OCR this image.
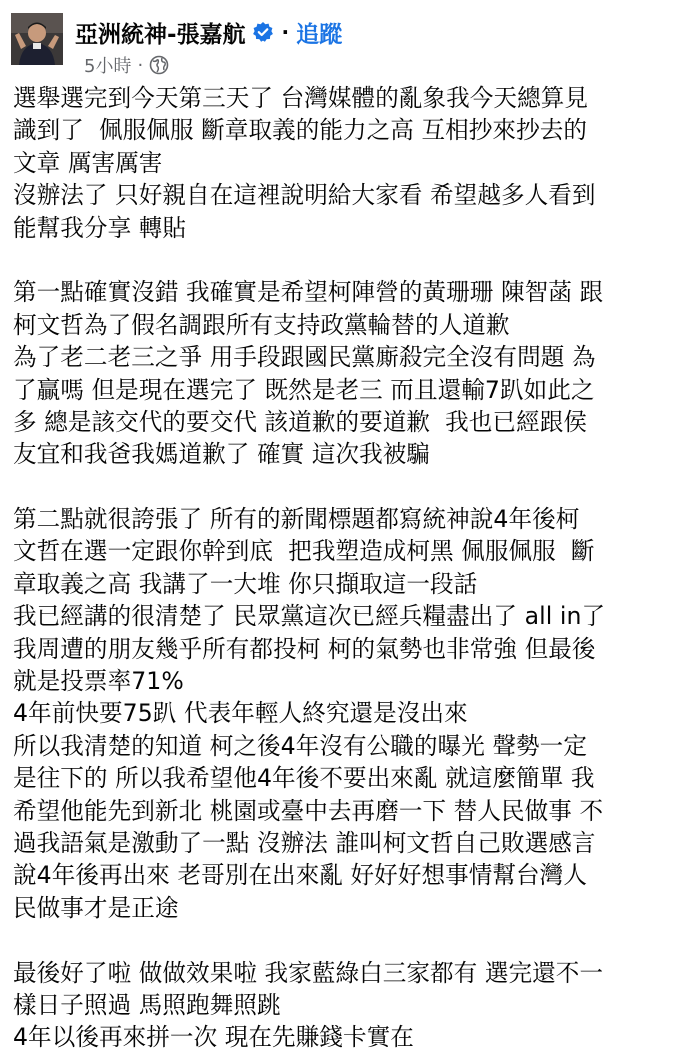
亞洲統神-張嘉航 · 追蹤
5小時 ·
選舉選完到今天第三天了 台灣媒體的亂象我今天總算見
識到了  佩服佩服 斷章取義的能力之高 互相抄來抄去的
文章 厲害厲害
沒辦法了 只好親自在這裡說明給大家看 希望越多人看到
能幫我分享 轉貼
第一點確實沒錯 我確實是希望柯陣營的黃珊珊 陳智菡 跟
柯文哲為了假名調跟所有支持政黨輪替的人道歉
為了老二老三之爭 用手段跟國民黨廝殺完全沒有問題 為
了贏嗎 但是現在選完了 既然是老三 而且還輸7趴如此之
多 總是該交代的要交代 該道歉的要道歉  我也已經跟侯
友宜和我爸我媽道歉了 確實 這次我被騙
第二點就很誇張了 所有的新聞標題都寫統神說4年後柯
文哲在選一定跟你幹到底  把我塑造成柯黑 佩服佩服  斷
章取義之高 我講了一大堆 你只擷取這一段話
我已經講的很清楚了 民眾黨這次已經兵糧盡出了 all in了
我周遭的朋友幾乎所有都投柯 柯的氣勢也非常強 但最後
就是投票率71%
4年前快要75趴 代表年輕人終究還是沒出來
所以我清楚的知道 柯之後4年沒有公職的曝光 聲勢一定
是往下的 所以我希望他4年後不要出來亂 就這麼簡單 我
希望他能先到新北 桃園或臺中去再磨一下 替人民做事 不
過我語氣是激動了一點 沒辦法 誰叫柯文哲自己敗選感言
說4年後再出來 老哥別在出來亂 好好好想事情幫台灣人
民做事才是正途
最後好了啦 做做效果啦 我家藍綠白三家都有 選完還不一
樣日子照過 馬照跑舞照跳
4年以後再來拼一次 現在先賺錢卡實在
